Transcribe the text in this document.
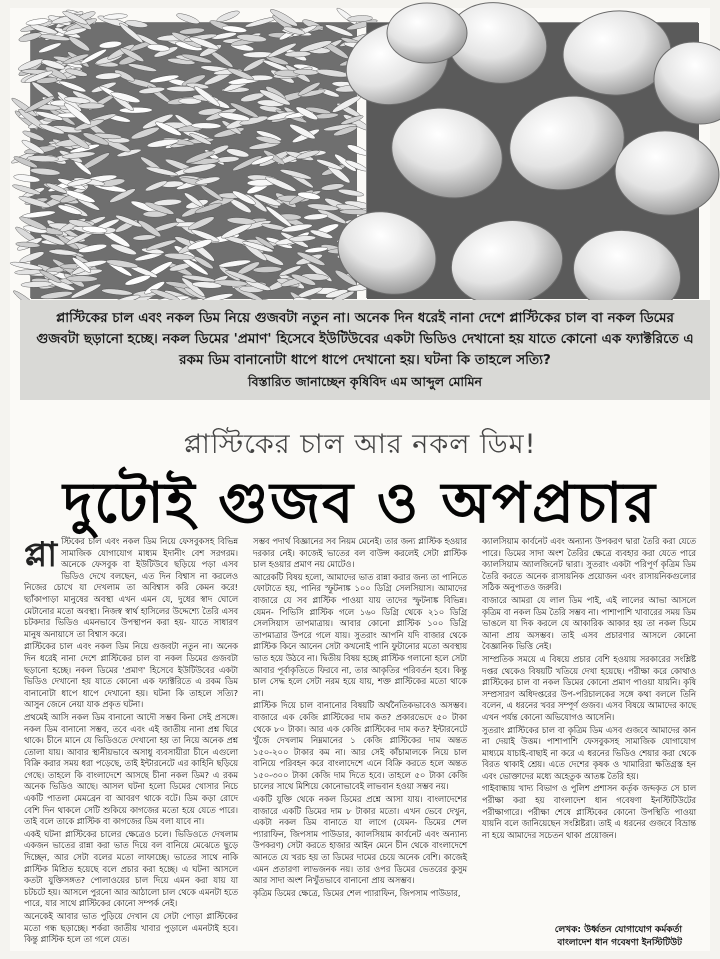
প্লাস্টিকের চাল এবং নকল ডিম নিয়ে গুজবটা নতুন না। অনেক দিন ধরেই নানা দেশে প্লাস্টিকের চাল বা নকল ডিমের গুজবটা ছড়ানো হচ্ছে। নকল ডিমের 'প্রমাণ' হিসেবে ইউটিউবের একটা ভিডিও দেখানো হয় যাতে কোনো এক ফ্যাক্টরিতে এ রকম ডিম বানানোটা ধাপে ধাপে দেখানো হয়। ঘটনা কি তাহলে সত্যি?
বিস্তারিত জানাচ্ছেন কৃষিবিদ এম আব্দুল মোমিন
প্লাস্টিকের চাল আর নকল ডিম!
দুটোই গুজব ও অপপ্রচার
প্লা স্টিকের চাল এবং নকল ডিম নিয়ে ফেসবুকসহ বিভিন্ন সামাজিক যোগাযোগ মাধ্যম ইদানীং বেশ সরগরম। অনেকে ফেসবুক বা ইউটিউবে ছড়িয়ে পড়া এসব ভিডিও দেখে বলছেন, এত দিন বিশ্বাস না করলেও নিজের চোখে যা দেখলাম তা অবিশ্বাস করি কেমন করে! ছ্যাঁকাপাড়া মানুষের অবস্থা এখন এমন যে, দুধের স্বাদ ঘোলে মেটানোর মতো অবস্থা। নিজস্ব স্বার্থ হাসিলের উদ্দেশ্যে তৈরি এসব চটকদার ভিডিও এমনভাবে উপস্থাপন করা হয়- যাতে সাধারণ মানুষ অনায়াসে তা বিশ্বাস করে।

প্লাস্টিকের চাল এবং নকল ডিম নিয়ে গুজবটা নতুন না। অনেক দিন ধরেই নানা দেশে প্লাস্টিকের চাল বা নকল ডিমের গুজবটা ছড়ানো হচ্ছে। নকল ডিমের 'প্রমাণ' হিসেবে ইউটিউবের একটা ভিডিও দেখানো হয় যাতে কোনো এক ফ্যাক্টরিতে এ রকম ডিম বানানোটা ধাপে ধাপে দেখানো হয়। ঘটনা কি তাহলে সত্যি? আসুন জেনে নেয়া যাক প্রকৃত ঘটনা।

প্রথমেই আসি নকল ডিম বানানো আদৌ সম্ভব কিনা সেই প্রসঙ্গে। নকল ডিম বানানো সম্ভব, তবে এবং এই জাতীয় নানা প্রশ্ন ঘিরে থাকে। চীনে মানে যে ভিডিওতে দেখানো হয় তা নিয়ে অনেক প্রশ্ন তোলা যায়। আবার স্থানীয়ভাবে অসাধু ব্যবসায়ীরা চীনে এগুলো বিক্রি করার সময় ধরা পড়েছে, তাই ইন্টারনেটে এর কাহিনি ছড়িয়ে গেছে। তাহলে কি বাংলাদেশে আসছে চীনা নকল ডিম? এ রকম অনেক ভিডিও আছে। আসল ঘটনা হলো ডিমের খোসার নিচে একটি পাতলা মেমব্রেন বা আবরণ থাকে বটে। ডিম কড়া রোদে বেশি দিন থাকলে সেটি শুকিয়ে কাগজের মতো হয়ে যেতে পারে। তাই বলে তাকে প্লাস্টিক বা কাগজের ডিম বলা যাবে না।

একই ঘটনা প্লাস্টিকের চালের ক্ষেত্রেও চলে। ভিডিওতে দেখলাম একজন ভাতের রান্না করা ভাত দিয়ে বল বানিয়ে মেঝেতে ছুড়ে দিচ্ছেন, আর সেটা বলের মতো লাফাচ্ছে। ভাতের সাথে নাকি প্লাস্টিক মিশ্রিত হয়েছে বলে প্রচার করা হচ্ছে। এ ঘটনা আসলে কতটা যুক্তিসঙ্গত? পোলাওয়ের চাল দিয়ে এমন করা যায় যা চটচটে হয়। আসলে পুরনো আর আঠালো চাল থেকে এমনটা হতে পারে, যার সাথে প্লাস্টিকের কোনো সম্পর্ক নেই।

অনেকেই আবার ভাত পুড়িয়ে দেখান যে সেটা পোড়া প্লাস্টিকের মতো গন্ধ ছড়াচ্ছে। শর্করা জাতীয় খাবার পুড়ালে এমনটাই হবে। কিন্তু প্লাস্টিক হলে তা গলে যেত।

সম্ভব পদার্থ বিজ্ঞানের সব নিয়ম মেনেই। তার জন্য প্লাস্টিক হওয়ার দরকার নেই। কাজেই ভাতের বল বাউন্স করলেই সেটা প্লাস্টিক চাল হওয়ার প্রমাণ নয় মোটেও।

আরেকটি বিষয় হলো, আমাদের ভাত রান্না করার জন্য তা পানিতে ফোটাতে হয়, পানির স্ফুটনাঙ্ক ১০০ ডিগ্রি সেলসিয়াস। আমাদের বাজারে যে সব প্লাস্টিক পাওয়া যায় তাদের স্ফুটনাঙ্ক বিভিন্ন। যেমন- পিভিসি প্লাস্টিক গলে ১৬০ ডিগ্রি থেকে ২১০ ডিগ্রি সেলসিয়াস তাপমাত্রায়। আবার কোনো প্লাস্টিক ১০০ ডিগ্রি তাপমাত্রার উপরে গলে যায়। সুতরাং আপনি যদি বাজার থেকে প্লাস্টিক কিনে আনেন সেটা কখনোই পানি ফুটানোর মতো অবস্থায় ভাত হয়ে উঠবে না। দ্বিতীয় বিষয় হচ্ছে প্লাস্টিক গলানো হলে সেটা আবার পূর্বাকৃতিতে ফিরবে না, তার আকৃতির পরিবর্তন হবে। কিন্তু চাল সেদ্ধ হলে সেটা নরম হয়ে যায়, শক্ত প্লাস্টিকের মতো থাকে না।

প্লাস্টিক দিয়ে চাল বানানোর বিষয়টি অর্থনৈতিকভাবেও অসম্ভব। বাজারে এক কেজি প্লাস্টিকের দাম কত? প্রকারভেদে ৫০ টাকা থেকে ৮০ টাকা। আর এক কেজি প্লাস্টিকের দাম কত? ইন্টারনেটে খুঁজে দেখলাম নিম্নমানের ১ কেজি প্লাস্টিকের দাম অন্তত ১৫০-২০০ টাকার কম না। আর সেই কাঁচামালকে নিয়ে চাল বানিয়ে পরিবহন করে বাংলাদেশে এনে বিক্রি করতে হলে অন্তত ১৫০-৩০০ টাকা কেজি দাম দিতে হবে। তাহলে ৫০ টাকা কেজি চালের সাথে মিশিয়ে কোনোভাবেই লাভবান হওয়া সম্ভব নয়।

একটি যুক্তি থেকে নকল ডিমের প্রশ্নে আসা যায়। বাংলাদেশের বাজারে একটি ডিমের দাম ৮ টাকার মতো। এখন ভেবে দেখুন, একটা নকল ডিম বানাতে যা লাগে (যেমন- ডিমের শেল প্যারাফিন, জিপসাম পাউডার, ক্যালসিয়াম কার্বনেট এবং অন্যান্য উপকরণ) সেটা করতে হাজার আইন মেনে চীন থেকে বাংলাদেশে আনতে যে খরচ হয় তা ডিমের দামের চেয়ে অনেক বেশি। কাজেই এমন প্রতারণা লাভজনক নয়। তার ওপর ডিমের ভেতরের কুসুম আর সাদা অংশ নিখুঁতভাবে বানানো প্রায় অসম্ভব।

কৃত্রিম ডিমের ক্ষেত্রে, ডিমের শেল প্যারাফিন, জিপসাম পাউডার,

ক্যালসিয়াম কার্বনেট এবং অন্যান্য উপকরণ দ্বারা তৈরি করা যেতে পারে। ডিমের সাদা অংশ তৈরির ক্ষেত্রে ব্যবহার করা যেতে পারে ক্যালসিয়াম অ্যালজিনেট দ্বারা। সুতরাং একটা পরিপূর্ণ কৃত্রিম ডিম তৈরি করতে অনেক রাসায়নিক প্রয়োজন এবং রাসায়নিকগুলোর সঠিক অনুপাতও জরুরি।

বাজারে আমরা যে লাল ডিম পাই, এই লালের আভা আসলে কৃত্রিম বা নকল ডিম তৈরি সম্ভব না। পাশাপাশি খাবারের সময় ডিম ভাঙলে যা দিক করলে যে আকারিক আকার হয় তা নকল ডিমে আনা প্রায় অসম্ভব। তাই এসব প্রচারণার আসলে কোনো বৈজ্ঞানিক ভিত্তি নেই।

সাম্প্রতিক সময়ে এ বিষয়ে প্রচার বেশি হওয়ায় সরকারের সংশ্লিষ্ট দপ্তর থেকেও বিষয়টি খতিয়ে দেখা হয়েছে। পরীক্ষা করে কোথাও প্লাস্টিকের চাল বা নকল ডিমের কোনো প্রমাণ পাওয়া যায়নি। কৃষি সম্প্রসারণ অধিদপ্তরের উপ-পরিচালকের সঙ্গে কথা বললে তিনি বলেন, এ ধরনের খবর সম্পূর্ণ গুজব। এসব বিষয়ে আমাদের কাছে এখন পর্যন্ত কোনো অভিযোগও আসেনি।

সুতরাং প্লাস্টিকের চাল বা কৃত্রিম ডিম এসব গুজবে আমাদের কান না দেয়াই উত্তম। পাশাপাশি ফেসবুকসহ সামাজিক যোগাযোগ মাধ্যমে যাচাই-বাছাই না করে এ ধরনের ভিডিও শেয়ার করা থেকে বিরত থাকাই শ্রেয়। এতে দেশের কৃষক ও খামারিরা ক্ষতিগ্রস্ত হন এবং ভোক্তাদের মধ্যে অহেতুক আতঙ্ক তৈরি হয়।

গাইবান্ধায় খাদ্য বিভাগ ও পুলিশ প্রশাসন কর্তৃক জব্দকৃত সে চাল পরীক্ষা করা হয় বাংলাদেশ ধান গবেষণা ইনস্টিটিউটের পরীক্ষাগারে। পরীক্ষা শেষে প্লাস্টিকের কোনো উপস্থিতি পাওয়া যায়নি বলে জানিয়েছেন সংশ্লিষ্টরা। তাই এ ধরনের গুজবে বিভ্রান্ত না হয়ে আমাদের সচেতন থাকা প্রয়োজন।

লেখক: উর্ধ্বতন যোগাযোগ কর্মকর্তা
বাংলাদেশ ধান গবেষণা ইনস্টিটিউট
